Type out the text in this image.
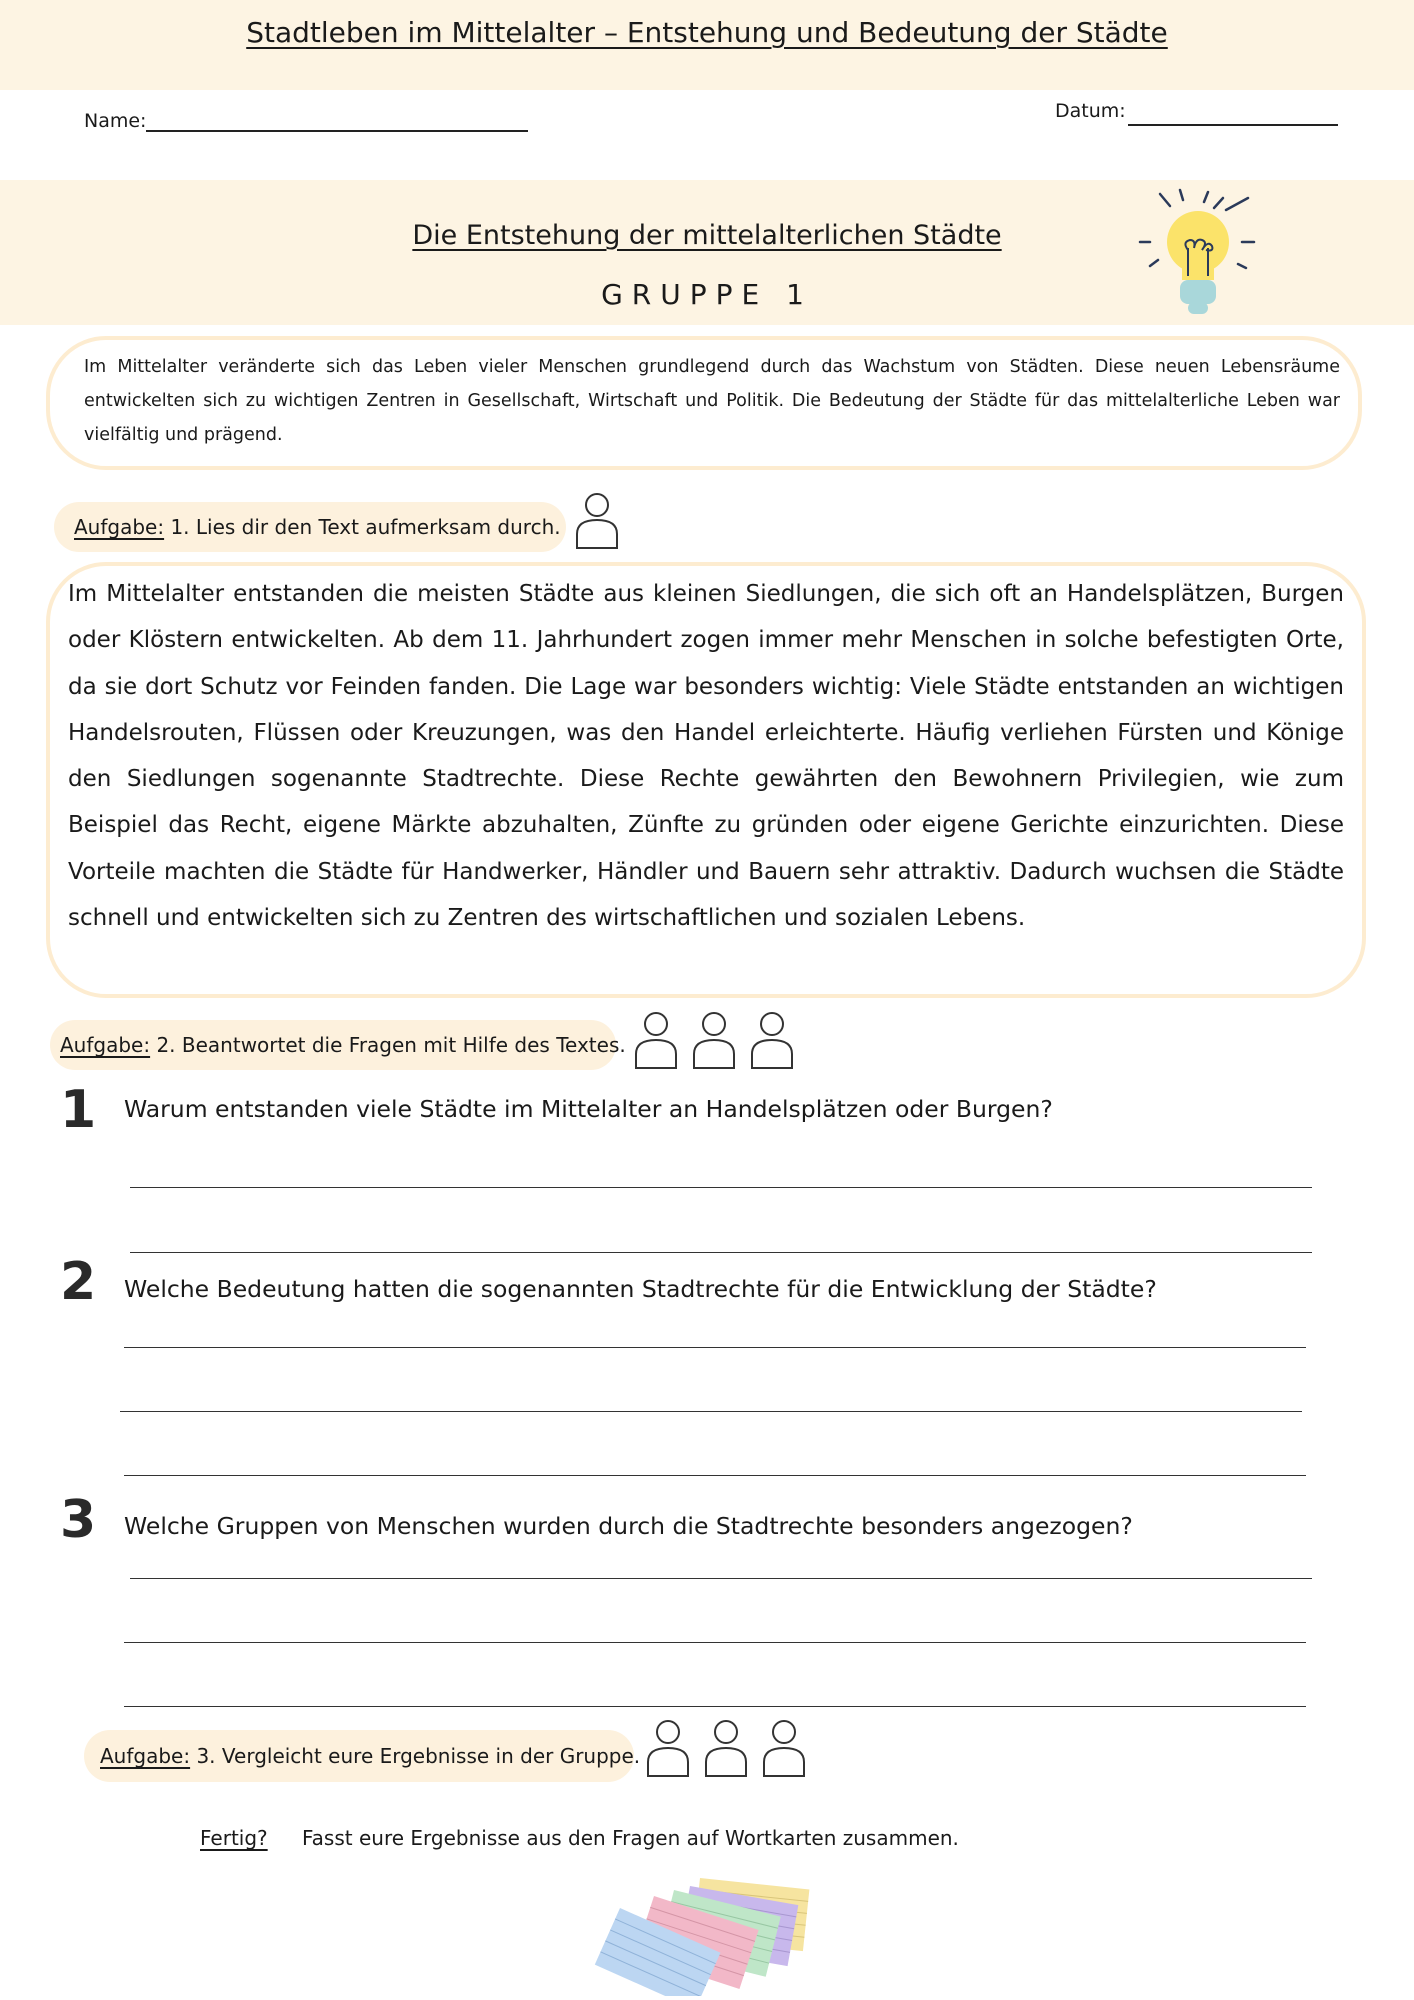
Stadtleben im Mittelalter – Entstehung und Bedeutung der Städte
Name:	Datum:
Die Entstehung der mittelalterlichen Städte
GRUPPE 1
Im Mittelalter veränderte sich das Leben vieler Menschen grundlegend durch das Wachstum von Städten. Diese neuen Lebensräume entwickelten sich zu wichtigen Zentren in Gesellschaft, Wirtschaft und Politik. Die Bedeutung der Städte für das mittelalterliche Leben war vielfältig und prägend.
Aufgabe: 1. Lies dir den Text aufmerksam durch.
Im Mittelalter entstanden die meisten Städte aus kleinen Siedlungen, die sich oft an Handelsplätzen, Burgen oder Klöstern entwickelten. Ab dem 11. Jahrhundert zogen immer mehr Menschen in solche befestigten Orte, da sie dort Schutz vor Feinden fanden. Die Lage war besonders wichtig: Viele Städte entstanden an wichtigen Handelsrouten, Flüssen oder Kreuzungen, was den Handel erleichterte. Häufig verliehen Fürsten und Könige den Siedlungen sogenannte Stadtrechte. Diese Rechte gewährten den Bewohnern Privilegien, wie zum Beispiel das Recht, eigene Märkte abzuhalten, Zünfte zu gründen oder eigene Gerichte einzurichten. Diese Vorteile machten die Städte für Handwerker, Händler und Bauern sehr attraktiv. Dadurch wuchsen die Städte schnell und entwickelten sich zu Zentren des wirtschaftlichen und sozialen Lebens.
Aufgabe: 2. Beantwortet die Fragen mit Hilfe des Textes.
1 Warum entstanden viele Städte im Mittelalter an Handelsplätzen oder Burgen?
2 Welche Bedeutung hatten die sogenannten Stadtrechte für die Entwicklung der Städte?
3 Welche Gruppen von Menschen wurden durch die Stadtrechte besonders angezogen?
Aufgabe: 3. Vergleicht eure Ergebnisse in der Gruppe.
Fertig? Fasst eure Ergebnisse aus den Fragen auf Wortkarten zusammen.
